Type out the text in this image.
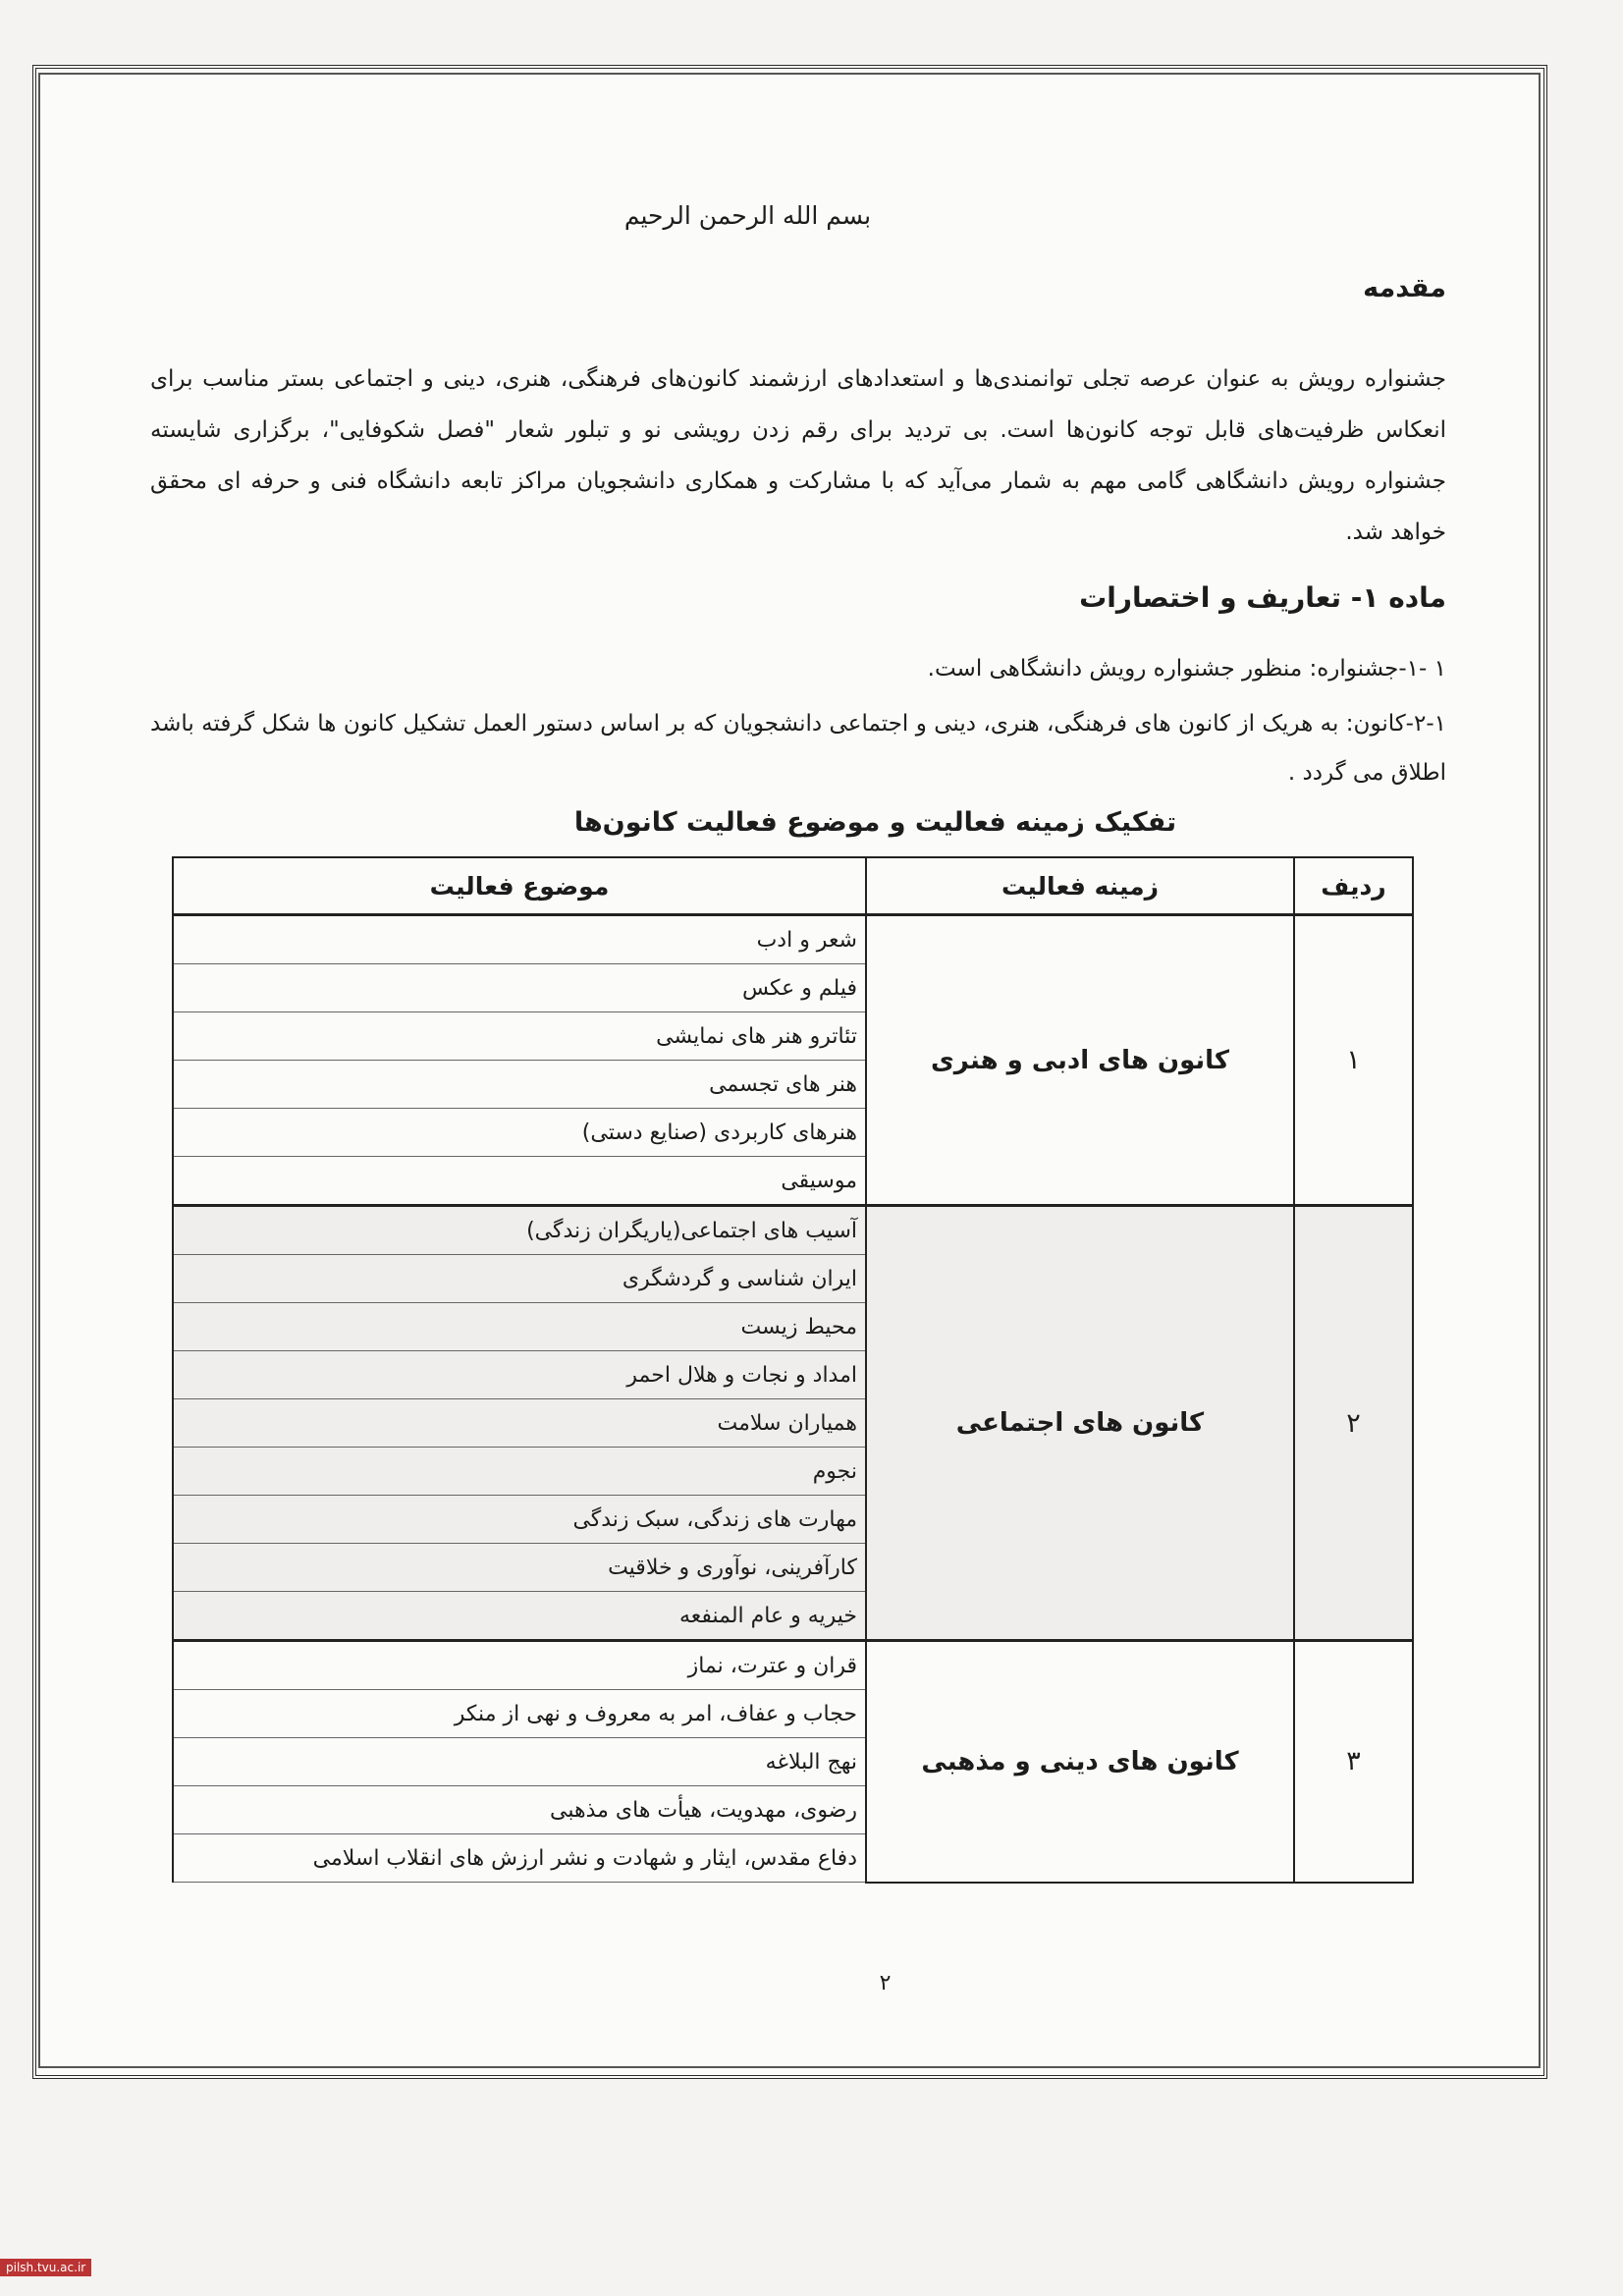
بسم الله الرحمن الرحیم
مقدمه
جشنواره رویش به عنوان عرصه تجلی توانمندی‌ها و استعدادهای ارزشمند کانون‌های فرهنگی، هنری، دینی و اجتماعی بستر مناسب برای انعکاس ظرفیت‌های قابل توجه کانون‌ها است. بی تردید برای رقم زدن رویشی نو و تبلور شعار "فصل شکوفایی"، برگزاری شایسته جشنواره رویش دانشگاهی گامی مهم به شمار می‌آید که با مشارکت و همکاری دانشجویان مراکز تابعه دانشگاه فنی و حرفه ای محقق خواهد شد.
ماده ۱- تعاریف و اختصارات
۱ -۱-جشنواره: منظور جشنواره رویش دانشگاهی است.
۲-۱-کانون: به هریک از کانون های فرهنگی، هنری، دینی و اجتماعی دانشجویان که بر اساس دستور العمل تشکیل کانون ها شکل گرفته باشد اطلاق می گردد .
تفکیک زمینه فعالیت و موضوع فعالیت کانون‌ها
ردیف	زمینه فعالیت	موضوع فعالیت
۱	کانون های ادبی و هنری	شعر و ادب
		فیلم و عکس
		تئاترو هنر های نمایشی
		هنر های تجسمی
		هنرهای کاربردی (صنایع دستی)
		موسیقی
۲	کانون های اجتماعی	آسیب های اجتماعی(یاریگران زندگی)
		ایران شناسی و گردشگری
		محیط زیست
		امداد و نجات و هلال احمر
		همیاران سلامت
		نجوم
		مهارت های زندگی، سبک زندگی
		کارآفرینی، نوآوری و خلاقیت
		خیریه و عام المنفعه
۳	کانون های دینی و مذهبی	قران و عترت، نماز
		حجاب و عفاف، امر به معروف و نهی از منکر
		نهج البلاغه
		رضوی، مهدویت، هیأت های مذهبی
		دفاع مقدس، ایثار و شهادت و نشر ارزش های انقلاب اسلامی
۲
pilsh.tvu.ac.ir
